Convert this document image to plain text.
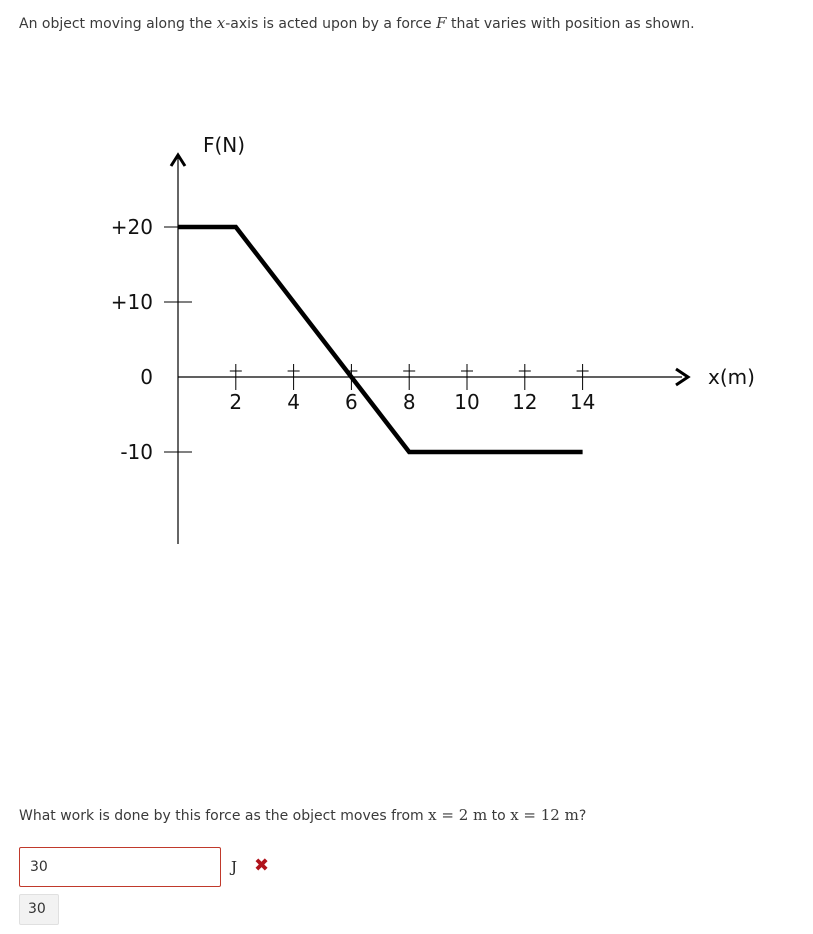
An object moving along the x-axis is acted upon by a force F that varies with position as shown.
F(N)
x(m)
+20
+10
0
-10
2 4 6 8 10 12 14
What work is done by this force as the object moves from x = 2 m to x = 12 m?
30
J ✖
30
